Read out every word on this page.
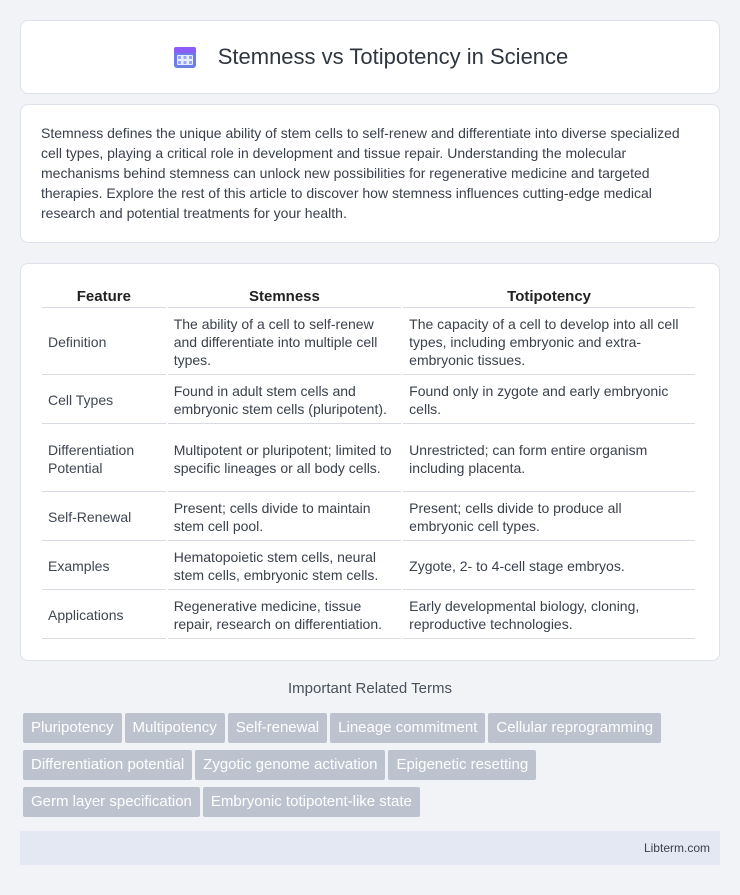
Stemness vs Totipotency in Science

Stemness defines the unique ability of stem cells to self-renew and differentiate into diverse specialized cell types, playing a critical role in development and tissue repair. Understanding the molecular mechanisms behind stemness can unlock new possibilities for regenerative medicine and targeted therapies. Explore the rest of this article to discover how stemness influences cutting-edge medical research and potential treatments for your health.

Feature	Stemness	Totipotency
Definition	The ability of a cell to self-renew and differentiate into multiple cell types.	The capacity of a cell to develop into all cell types, including embryonic and extra-embryonic tissues.
Cell Types	Found in adult stem cells and embryonic stem cells (pluripotent).	Found only in zygote and early embryonic cells.
Differentiation Potential	Multipotent or pluripotent; limited to specific lineages or all body cells.	Unrestricted; can form entire organism including placenta.
Self-Renewal	Present; cells divide to maintain stem cell pool.	Present; cells divide to produce all embryonic cell types.
Examples	Hematopoietic stem cells, neural stem cells, embryonic stem cells.	Zygote, 2- to 4-cell stage embryos.
Applications	Regenerative medicine, tissue repair, research on differentiation.	Early developmental biology, cloning, reproductive technologies.
Important Related Terms
Pluripotency Multipotency Self-renewal Lineage commitment Cellular reprogramming
Differentiation potential Zygotic genome activation Epigenetic resetting
Germ layer specification Embryonic totipotent-like state
Libterm.com
